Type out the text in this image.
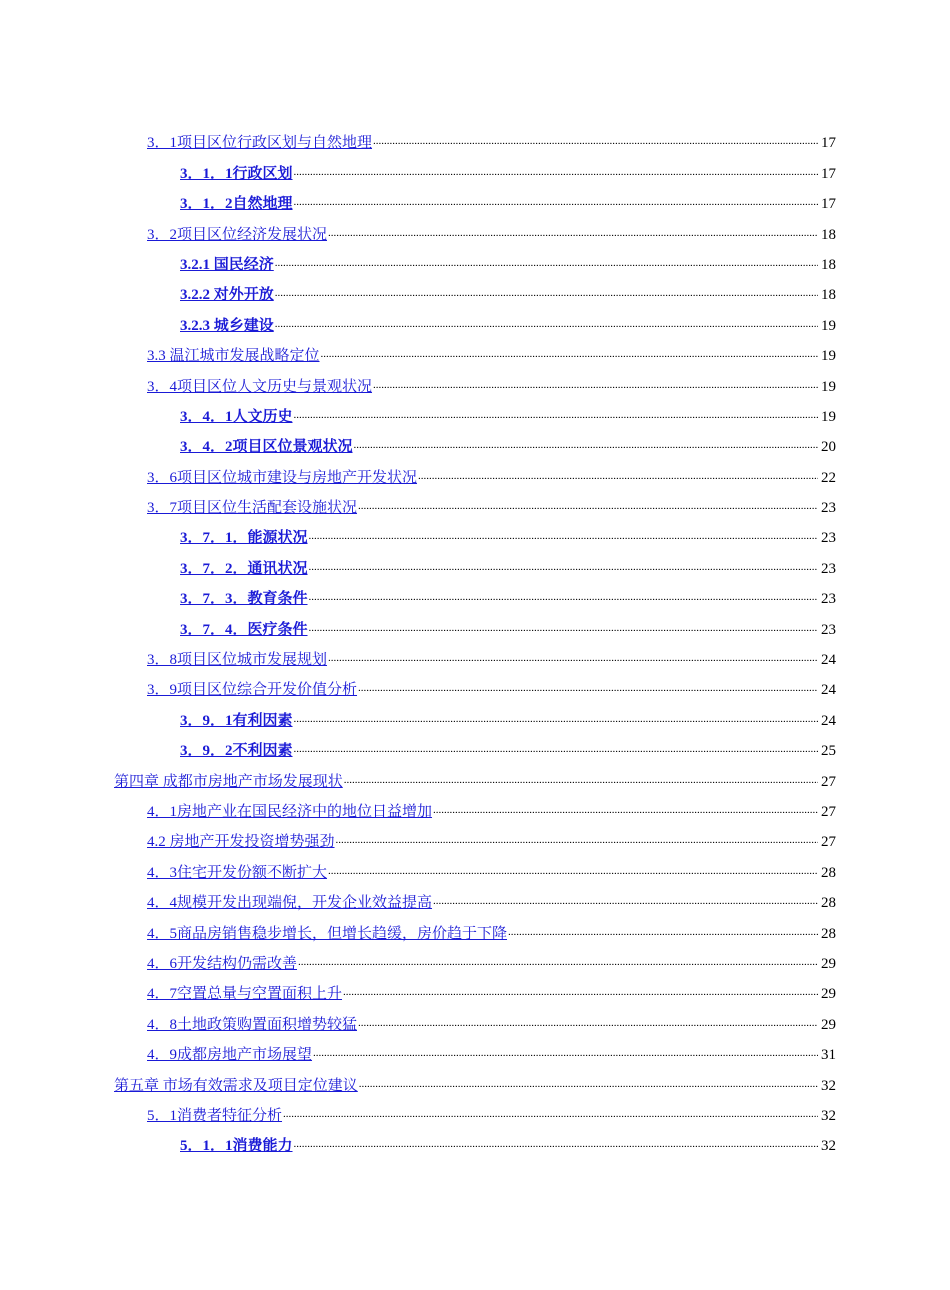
3．1项目区位行政区划与自然地理 .....	17
3．1．1行政区划 .....	17
3．1．2自然地理 .....	17
3．2项目区位经济发展状况 .....	18
3.2.1 国民经济 .....	18
3.2.2 对外开放 .....	18
3.2.3 城乡建设 .....	19
3.3 温江城市发展战略定位 .....	19
3．4项目区位人文历史与景观状况 .....	19
3．4．1人文历史 .....	19
3．4．2项目区位景观状况 .....	20
3．6项目区位城市建设与房地产开发状况 .....	22
3．7项目区位生活配套设施状况 .....	23
3．7．1．能源状况 .....	23
3．7．2．通讯状况 .....	23
3．7．3．教育条件 .....	23
3．7．4．医疗条件 .....	23
3．8项目区位城市发展规划 .....	24
3．9项目区位综合开发价值分析 .....	24
3．9．1有利因素 .....	24
3．9．2不利因素 .....	25
第四章 成都市房地产市场发展现状 .....	27
4．1房地产业在国民经济中的地位日益增加 .....	27
4.2 房地产开发投资增势强劲 .....	27
4．3住宅开发份额不断扩大 .....	28
4．4规模开发出现端倪，开发企业效益提高 .....	28
4．5商品房销售稳步增长，但增长趋缓，房价趋于下降 .....	28
4．6开发结构仍需改善 .....	29
4．7空置总量与空置面积上升 .....	29
4．8土地政策购置面积增势较猛 .....	29
4．9成都房地产市场展望 .....	31
第五章 市场有效需求及项目定位建议 .....	32
5．1消费者特征分析 .....	32
5．1．1消费能力 .....	32
